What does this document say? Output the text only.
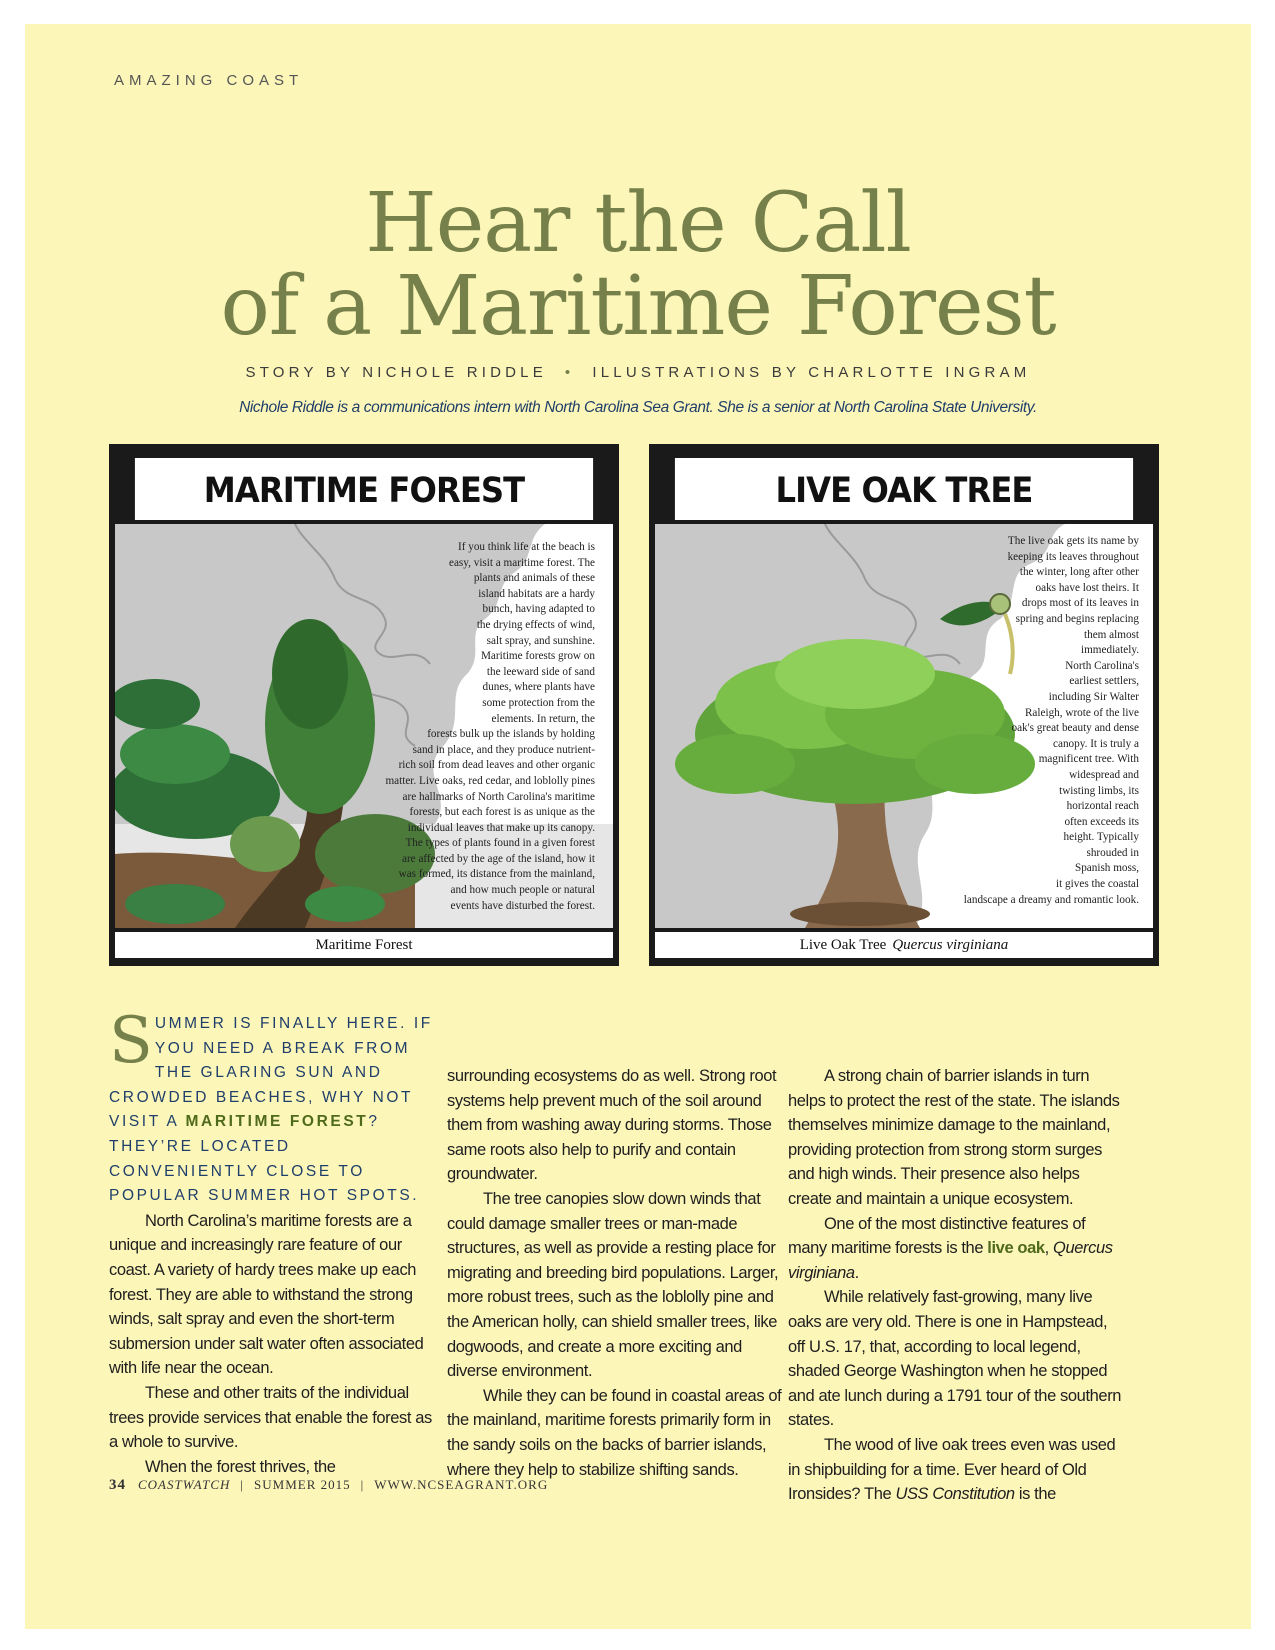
AMAZING COAST
Hear the Call
of a Maritime Forest
STORY BY NICHOLE RIDDLE • ILLUSTRATIONS BY CHARLOTTE INGRAM
Nichole Riddle is a communications intern with North Carolina Sea Grant. She is a senior at North Carolina State University.
MARITIME FOREST
If you think life at the beach is
easy, visit a maritime forest. The
plants and animals of these
island habitats are a hardy
bunch, having adapted to
the drying effects of wind,
salt spray, and sunshine.
Maritime forests grow on
the leeward side of sand
dunes, where plants have
some protection from the
elements. In return, the
forests bulk up the islands by holding
sand in place, and they produce nutrient-
rich soil from dead leaves and other organic
matter. Live oaks, red cedar, and loblolly pines
are hallmarks of North Carolina's maritime
forests, but each forest is as unique as the
individual leaves that make up its canopy.
The types of plants found in a given forest
are affected by the age of the island, how it
was formed, its distance from the mainland,
and how much people or natural
events have disturbed the forest.
Maritime Forest
LIVE OAK TREE
The live oak gets its name by
keeping its leaves throughout
the winter, long after other
oaks have lost theirs. It
drops most of its leaves in
spring and begins replacing
them almost
immediately.
North Carolina's
earliest settlers,
including Sir Walter
Raleigh, wrote of the live
oak's great beauty and dense
canopy. It is truly a
magnificent tree. With
widespread and
twisting limbs, its
horizontal reach
often exceeds its
height. Typically
shrouded in
Spanish moss,
it gives the coastal
landscape a dreamy and romantic look.
Live Oak Tree Quercus virginiana

SUMMER IS FINALLY HERE. IF YOU NEED A BREAK FROM THE GLARING SUN AND CROWDED BEACHES, WHY NOT VISIT A MARITIME FOREST? THEY’RE LOCATED CONVENIENTLY CLOSE TO POPULAR SUMMER HOT SPOTS.

North Carolina’s maritime forests are a unique and increasingly rare feature of our coast. A variety of hardy trees make up each forest. They are able to withstand the strong winds, salt spray and even the short-term submersion under salt water often associated with life near the ocean.

These and other traits of the individual trees provide services that enable the forest as a whole to survive.

When the forest thrives, the

surrounding ecosystems do as well. Strong root systems help prevent much of the soil around them from washing away during storms. Those same roots also help to purify and contain groundwater.

The tree canopies slow down winds that could damage smaller trees or man-made structures, as well as provide a resting place for migrating and breeding bird populations. Larger, more robust trees, such as the loblolly pine and the American holly, can shield smaller trees, like dogwoods, and create a more exciting and diverse environment.

While they can be found in coastal areas of the mainland, maritime forests primarily form in the sandy soils on the backs of barrier islands, where they help to stabilize shifting sands.

A strong chain of barrier islands in turn helps to protect the rest of the state. The islands themselves minimize damage to the mainland, providing protection from strong storm surges and high winds. Their presence also helps create and maintain a unique ecosystem.

One of the most distinctive features of many maritime forests is the live oak, Quercus virginiana.

While relatively fast-growing, many live oaks are very old. There is one in Hampstead, off U.S. 17, that, according to local legend, shaded George Washington when he stopped and ate lunch during a 1791 tour of the southern states.

The wood of live oak trees even was used in shipbuilding for a time. Ever heard of Old Ironsides? The USS Constitution is the

34 COASTWATCH | SUMMER 2015 | WWW.NCSEAGRANT.ORG
